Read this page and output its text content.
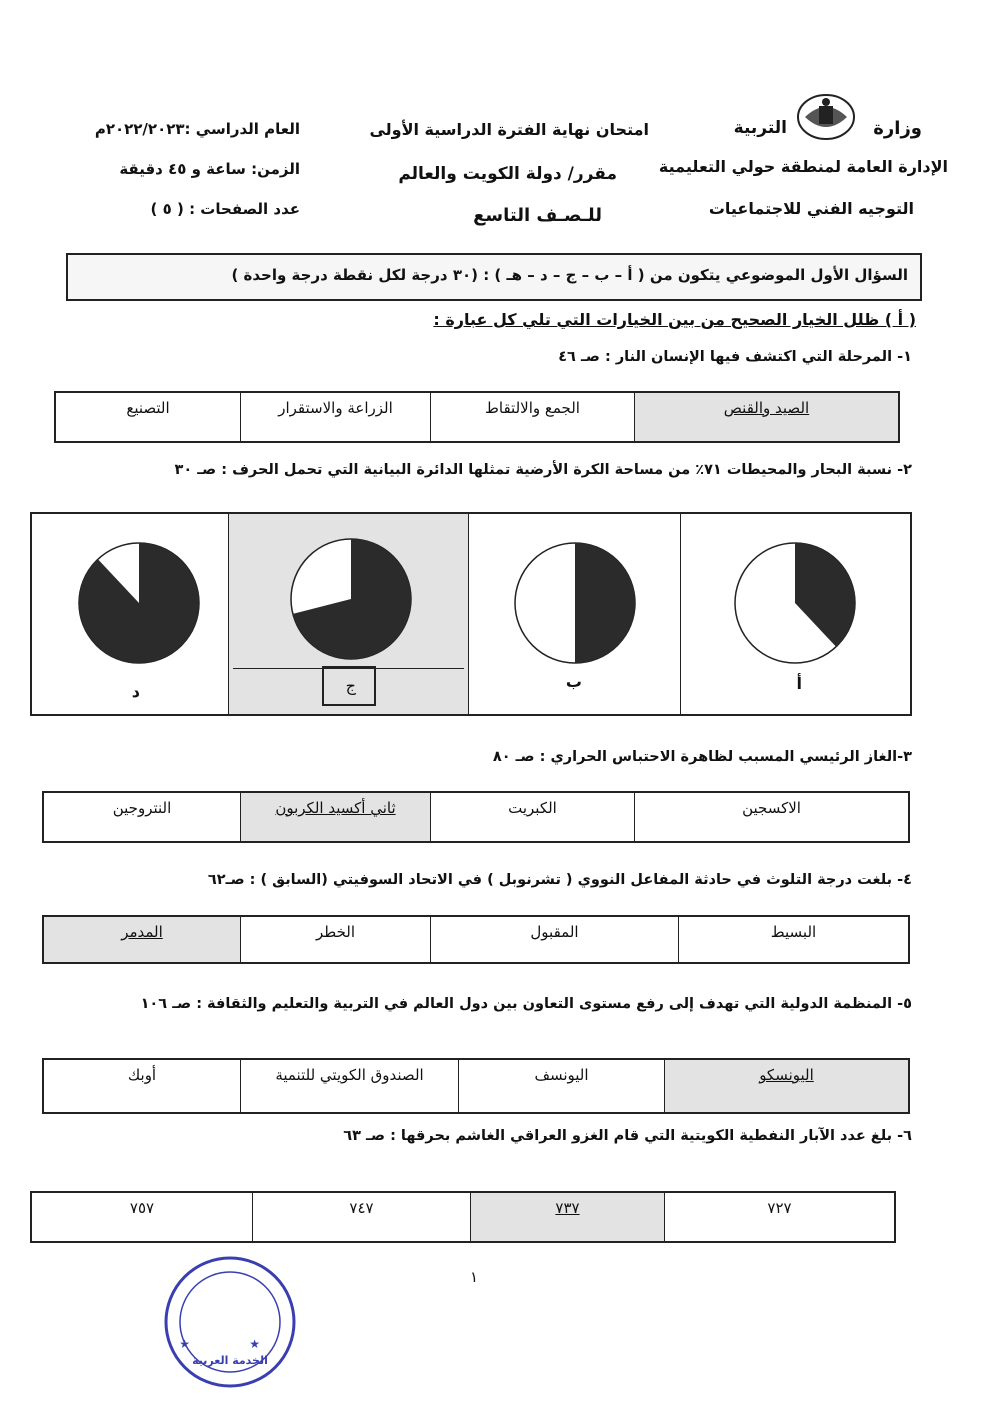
وزارة
التربية
الإدارة العامة لمنطقة حولي التعليمية
التوجيه الفني للاجتماعيات
امتحان نهاية الفترة الدراسية الأولى
مقرر/ دولة الكويت والعالم
للـصـف التاسع
العام الدراسي :٢٠٢٢/٢٠٢٣م
الزمن: ساعة و ٤٥ دقيقة
عدد الصفحات : ( ٥ )
السؤال الأول الموضوعي يتكون من ( أ – ب – ج – د – هـ ) : (٣٠ درجة لكل نقطة درجة واحدة )
( أ ) ظلل الخيار الصحيح من بين الخيارات التي تلي كل عبارة :
١- المرحلة التي اكتشف فيها الإنسان النار : صـ ٤٦
الصيد والقنص
الجمع والالتقاط
الزراعة والاستقرار
التصنيع
٢- نسبة البحار والمحيطات ٧١٪ من مساحة الكرة الأرضية تمثلها الدائرة البيانية التي تحمل الحرف : صـ ٣٠
أ
ب
ج
د
٣-الغاز الرئيسي المسبب لظاهرة الاحتباس الحراري : صـ ٨٠
الاكسجين
الكبريت
ثاني أكسيد الكربون
النتروجين
٤- بلغت درجة التلوث في حادثة المفاعل النووي ( تشرنوبل ) في الاتحاد السوفيتي (السابق ) : صـ٦٢
البسيط
المقبول
الخطر
المدمر
٥- المنظمة الدولية التي تهدف إلى رفع مستوى التعاون بين دول العالم في التربية والتعليم والثقافة : صـ ١٠٦
اليونسكو
اليونسف
الصندوق الكويتي للتنمية
أوبك
٦- بلغ عدد الآبار النفطية الكويتية التي قام الغزو العراقي الغاشم بحرقها : صـ ٦٣
٧٢٧
٧٣٧
٧٤٧
٧٥٧
١
الخدمة العربية
★	★
